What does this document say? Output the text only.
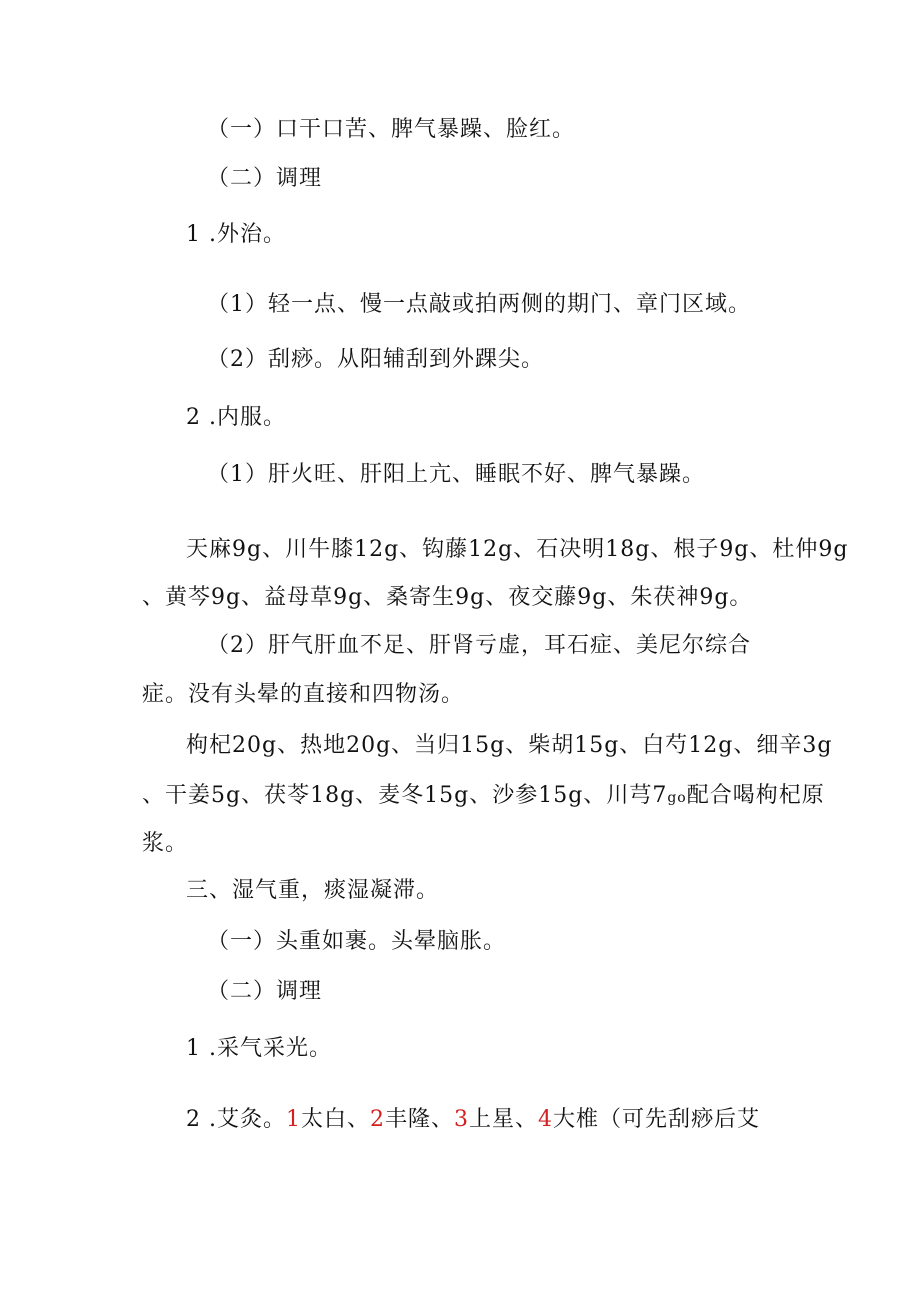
（一）口干口苦、脾气暴躁、脸红。
（二）调理
1 .外治。
（1）轻一点、慢一点敲或拍两侧的期门、章门区域。
（2）刮痧。从阳辅刮到外踝尖。
2 .内服。
（1）肝火旺、肝阳上亢、睡眠不好、脾气暴躁。
天麻9g、川牛膝12g、钩藤12g、石决明18g、根子9g、杜仲9g
、黄芩9g、益母草9g、桑寄生9g、夜交藤9g、朱茯神9g。
（2）肝气肝血不足、肝肾亏虚，耳石症、美尼尔综合
症。没有头晕的直接和四物汤。
枸杞20g、热地20g、当归15g、柴胡15g、白芍12g、细辛3g
、干姜5g、茯苓18g、麦冬15g、沙参15g、川芎7go配合喝枸杞原
浆。
三、湿气重，痰湿凝滞。
（一）头重如裹。头晕脑胀。
（二）调理
1 .采气采光。
2 .艾灸。1太白、2丰隆、3上星、4大椎（可先刮痧后艾
